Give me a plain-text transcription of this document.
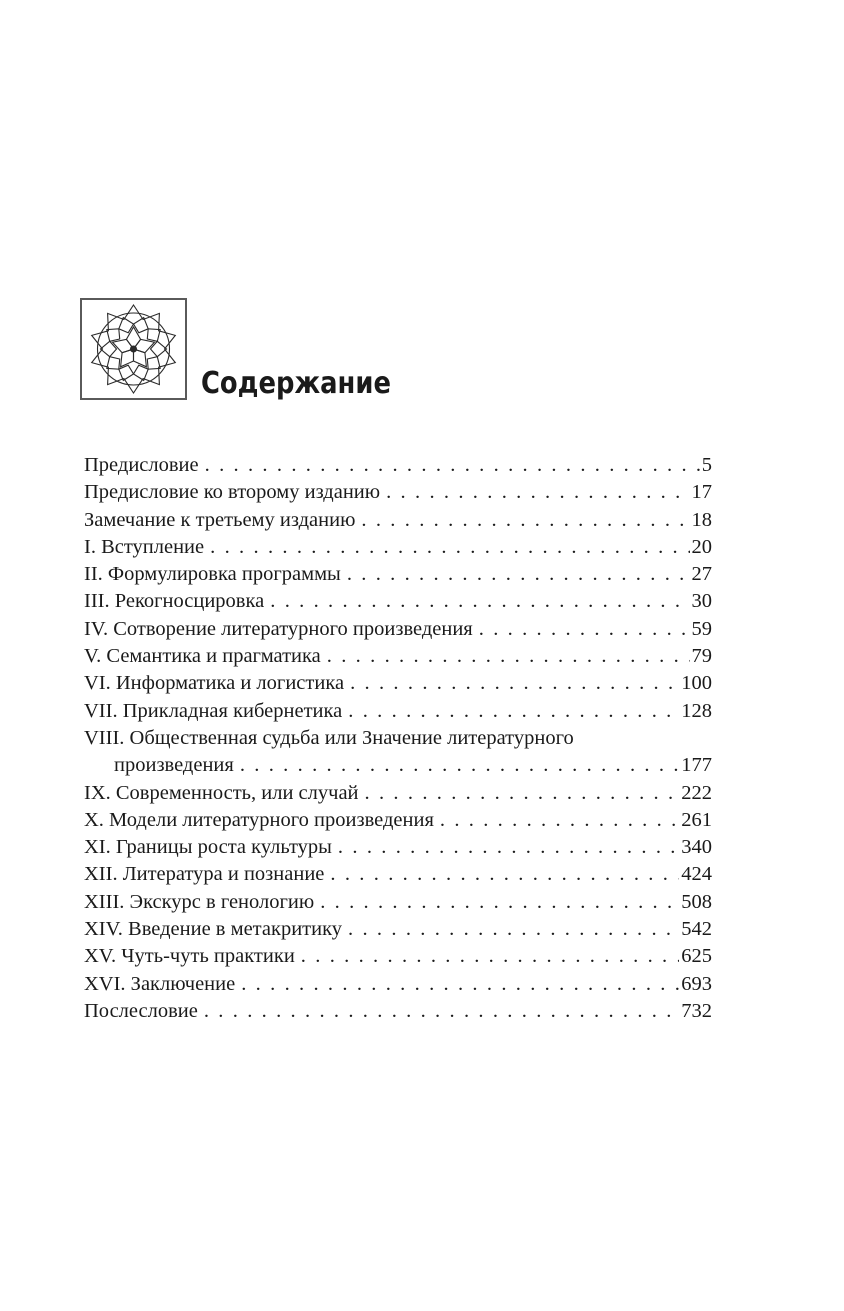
Содержание
Предисловие . . .	5
Предисловие ко второму изданию . . .	17
Замечание к третьему изданию . . .	18
I. Вступление . . .	20
II. Формулировка программы . . .	27
III. Рекогносцировка . . .	30
IV. Сотворение литературного произведения . . .	59
V. Семантика и прагматика . . .	79
VI. Информатика и логистика . . .	100
VII. Прикладная кибернетика . . .	128
VIII. Общественная судьба или Значение литературного
произведения . . .	177
IX. Современность, или случай . . .	222
X. Модели литературного произведения . . .	261
XI. Границы роста культуры . . .	340
XII. Литература и познание . . .	424
XIII. Экскурс в генологию . . .	508
XIV. Введение в метакритику . . .	542
XV. Чуть-чуть практики . . .	625
XVI. Заключение . . .	693
Послесловие . . .	732
